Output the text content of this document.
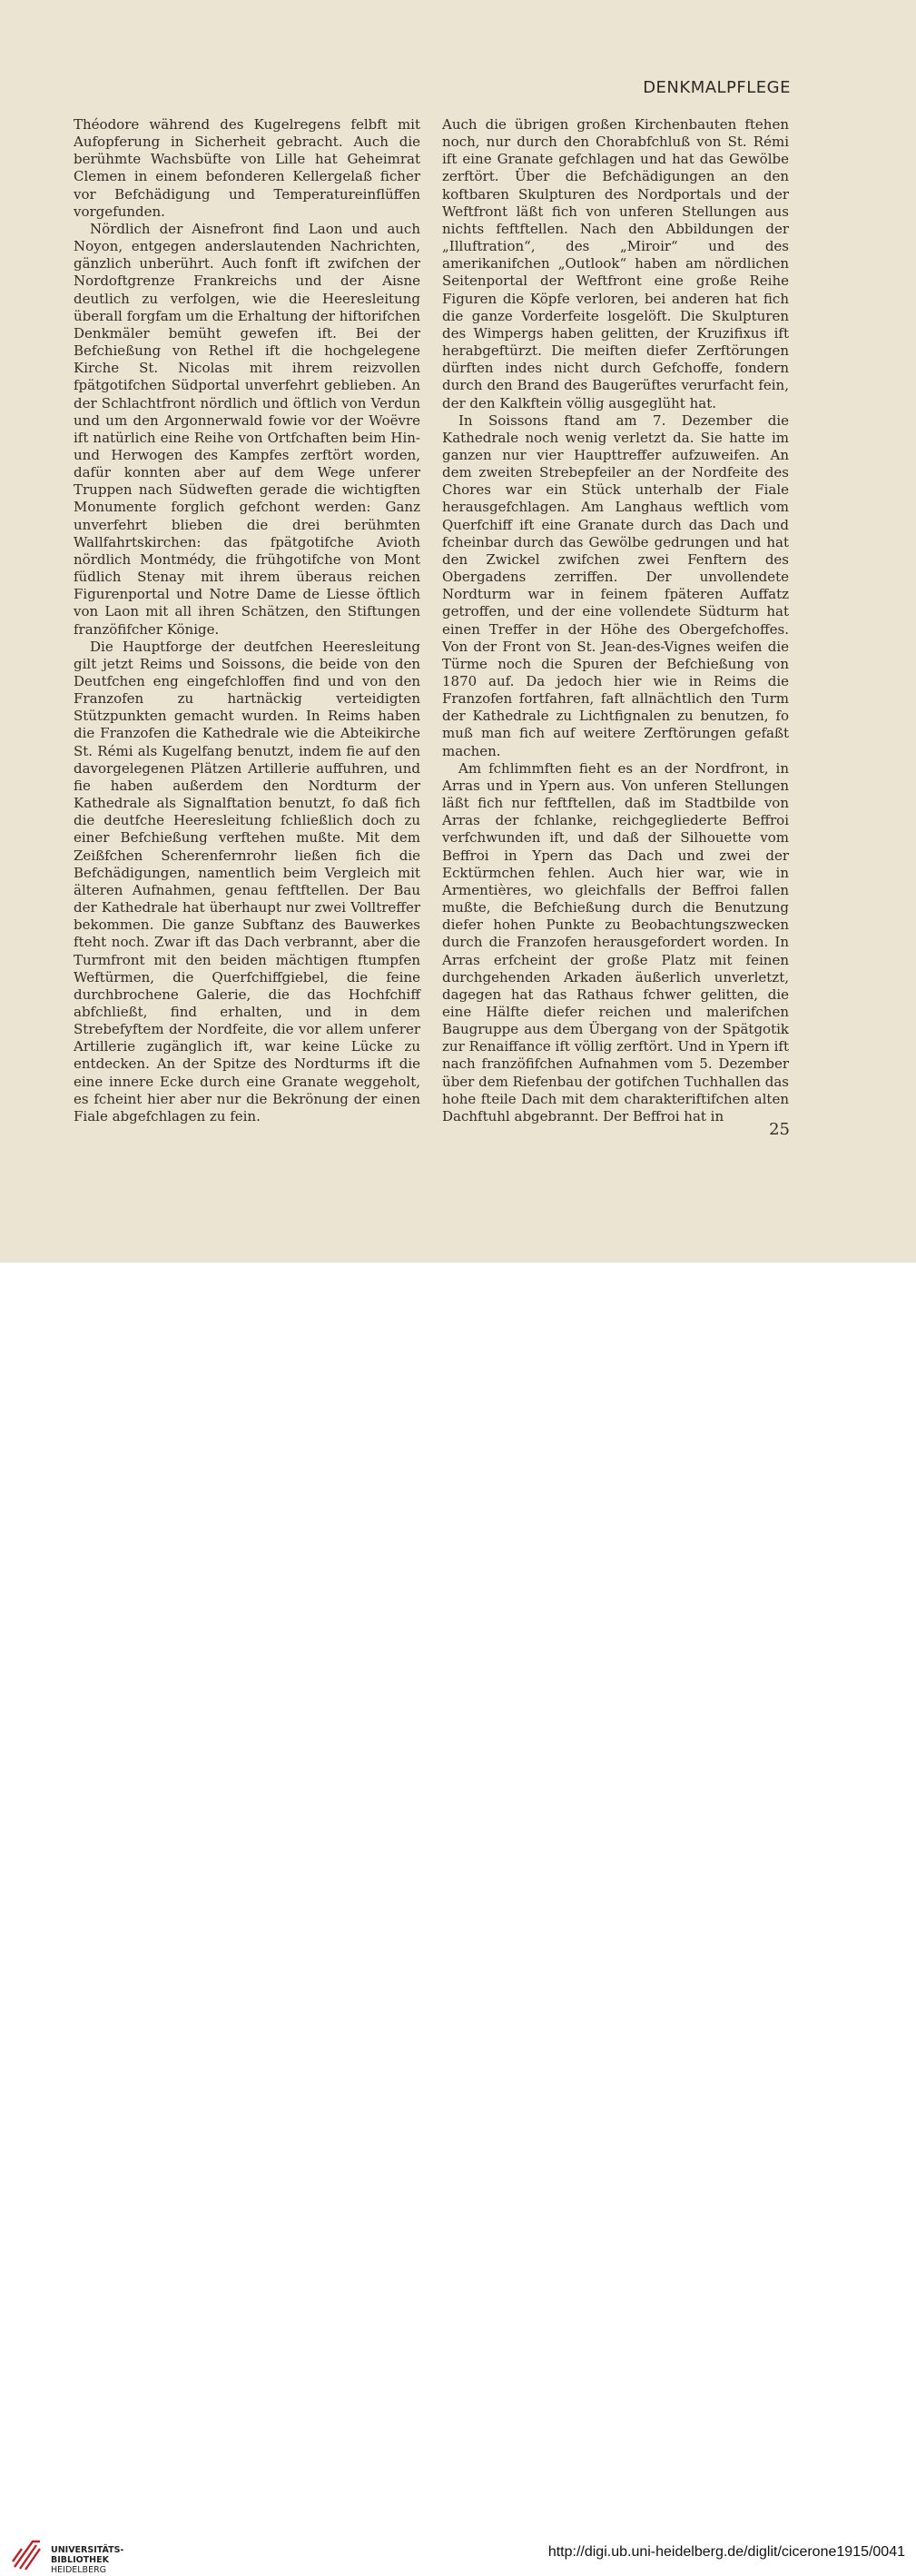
DENKMALPFLEGE

Théodore während des Kugelregens felbft mit Aufopferung in Sicherheit gebracht. Auch die berühmte Wachsbüfte von Lille hat Geheimrat Clemen in einem befonderen Kellergelaß ficher vor Befchädigung und Temperatureinflüffen vorgefunden.

Nördlich der Aisnefront find Laon und auch Noyon, entgegen anderslautenden Nachrichten, gänzlich unberührt. Auch fonft ift zwifchen der Nordoftgrenze Frankreichs und der Aisne deutlich zu verfolgen, wie die Heeresleitung überall forgfam um die Erhaltung der hiftorifchen Denkmäler bemüht gewefen ift. Bei der Befchießung von Rethel ift die hochgelegene Kirche St. Nicolas mit ihrem reizvollen fpätgotifchen Südportal unverfehrt geblieben. An der Schlachtfront nördlich und öftlich von Verdun und um den Argonnerwald fowie vor der Woëvre ift natürlich eine Reihe von Ortfchaften beim Hin- und Herwogen des Kampfes zerftört worden, dafür konnten aber auf dem Wege unferer Truppen nach Südweften gerade die wichtigften Monumente forglich gefchont werden: Ganz unverfehrt blieben die drei berühmten Wallfahrtskirchen: das fpätgotifche Avioth nördlich Montmédy, die frühgotifche von Mont füdlich Stenay mit ihrem überaus reichen Figurenportal und Notre Dame de Liesse öftlich von Laon mit all ihren Schätzen, den Stiftungen franzöfifcher Könige.

Die Hauptforge der deutfchen Heeresleitung gilt jetzt Reims und Soissons, die beide von den Deutfchen eng eingefchloffen find und von den Franzofen zu hartnäckig verteidigten Stützpunkten gemacht wurden. In Reims haben die Franzofen die Kathedrale wie die Abteikirche St. Rémi als Kugelfang benutzt, indem fie auf den davorgelegenen Plätzen Artillerie auffuhren, und fie haben außerdem den Nordturm der Kathedrale als Signalftation benutzt, fo daß fich die deutfche Heeresleitung fchließlich doch zu einer Befchießung verftehen mußte. Mit dem Zeißfchen Scherenfernrohr ließen fich die Befchädigungen, namentlich beim Vergleich mit älteren Aufnahmen, genau feftftellen. Der Bau der Kathedrale hat überhaupt nur zwei Volltreffer bekommen. Die ganze Subftanz des Bauwerkes fteht noch. Zwar ift das Dach verbrannt, aber die Turmfront mit den beiden mächtigen ftumpfen Weftürmen, die Querfchiffgiebel, die feine durchbrochene Galerie, die das Hochfchiff abfchließt, find erhalten, und in dem Strebefyftem der Nordfeite, die vor allem unferer Artillerie zugänglich ift, war keine Lücke zu entdecken. An der Spitze des Nordturms ift die eine innere Ecke durch eine Granate weggeholt, es fcheint hier aber nur die Bekrönung der einen Fiale abgefchlagen zu fein.

Auch die übrigen großen Kirchenbauten ftehen noch, nur durch den Chorabfchluß von St. Rémi ift eine Granate gefchlagen und hat das Gewölbe zerftört. Über die Befchädigungen an den koftbaren Skulpturen des Nordportals und der Weftfront läßt fich von unferen Stellungen aus nichts feftftellen. Nach den Abbildungen der „Illuftration“, des „Miroir“ und des amerikanifchen „Outlook“ haben am nördlichen Seitenportal der Weftfront eine große Reihe Figuren die Köpfe verloren, bei anderen hat fich die ganze Vorderfeite losgelöft. Die Skulpturen des Wimpergs haben gelitten, der Kruzifixus ift herabgeftürzt. Die meiften diefer Zerftörungen dürften indes nicht durch Gefchoffe, fondern durch den Brand des Baugerüftes verurfacht fein, der den Kalkftein völlig ausgeglüht hat.

In Soissons ftand am 7. Dezember die Kathedrale noch wenig verletzt da. Sie hatte im ganzen nur vier Haupttreffer aufzuweifen. An dem zweiten Strebepfeiler an der Nordfeite des Chores war ein Stück unterhalb der Fiale herausgefchlagen. Am Langhaus weftlich vom Querfchiff ift eine Granate durch das Dach und fcheinbar durch das Gewölbe gedrungen und hat den Zwickel zwifchen zwei Fenftern des Obergadens zerriffen. Der unvollendete Nordturm war in feinem fpäteren Auffatz getroffen, und der eine vollendete Südturm hat einen Treffer in der Höhe des Obergefchoffes. Von der Front von St. Jean-des-Vignes weifen die Türme noch die Spuren der Befchießung von 1870 auf. Da jedoch hier wie in Reims die Franzofen fortfahren, faft allnächtlich den Turm der Kathedrale zu Lichtfignalen zu benutzen, fo muß man fich auf weitere Zerftörungen gefaßt machen.

Am fchlimmften fieht es an der Nordfront, in Arras und in Ypern aus. Von unferen Stellungen läßt fich nur feftftellen, daß im Stadtbilde von Arras der fchlanke, reichgegliederte Beffroi verfchwunden ift, und daß der Silhouette vom Beffroi in Ypern das Dach und zwei der Ecktürmchen fehlen. Auch hier war, wie in Armentières, wo gleichfalls der Beffroi fallen mußte, die Befchießung durch die Benutzung diefer hohen Punkte zu Beobachtungszwecken durch die Franzofen herausgefordert worden. In Arras erfcheint der große Platz mit feinen durchgehenden Arkaden äußerlich unverletzt, dagegen hat das Rathaus fchwer gelitten, die eine Hälfte diefer reichen und malerifchen Baugruppe aus dem Übergang von der Spätgotik zur Renaiffance ift völlig zerftört. Und in Ypern ift nach franzöfifchen Aufnahmen vom 5. Dezember über dem Riefenbau der gotifchen Tuchhallen das hohe fteile Dach mit dem charakteriftifchen alten Dachftuhl abgebrannt. Der Beffroi hat in

25
UNIVERSITÄTS-
BIBLIOTHEK
HEIDELBERG
http://digi.ub.uni-heidelberg.de/diglit/cicerone1915/0041
